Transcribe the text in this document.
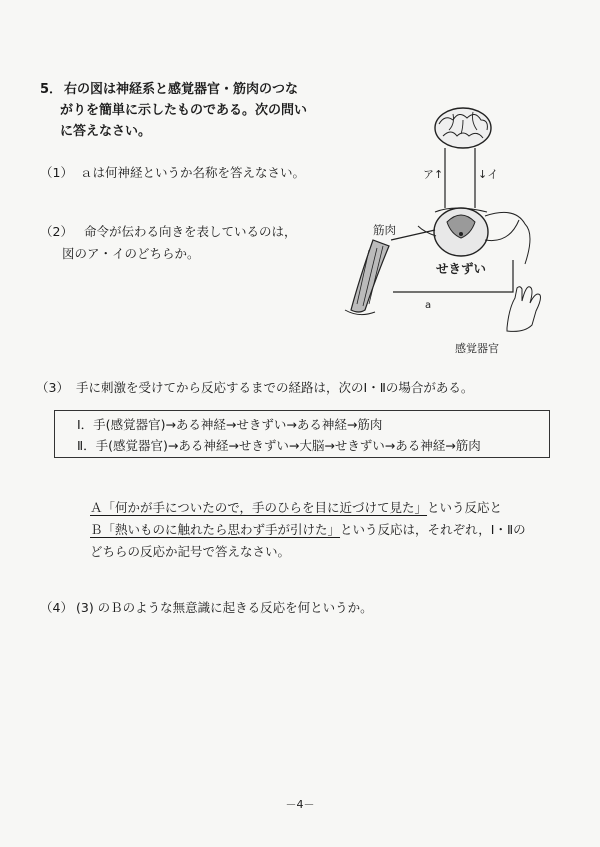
5． 右の図は神経系と感覚器官・筋肉のつな
がりを簡単に示したものである。次の問い
に答えなさい。
（1） ａは何神経というか名称を答えなさい。
（2） 命令が伝わる向きを表しているのは，
図のア・イのどちらか。
ア↑	↓イ
せきずい
筋肉
a
感覚器官
（3） 手に刺激を受けてから反応するまでの経路は，次のⅠ・Ⅱの場合がある。
Ⅰ．手(感覚器官)→ある神経→せきずい→ある神経→筋肉
Ⅱ．手(感覚器官)→ある神経→せきずい→大脳→せきずい→ある神経→筋肉
Ａ「何かが手についたので，手のひらを目に近づけて見た」という反応と
Ｂ「熱いものに触れたら思わず手が引けた」という反応は，それぞれ，Ⅰ・Ⅱの
どちらの反応か記号で答えなさい。
（4） (3) のＢのような無意識に起きる反応を何というか。
－4－
